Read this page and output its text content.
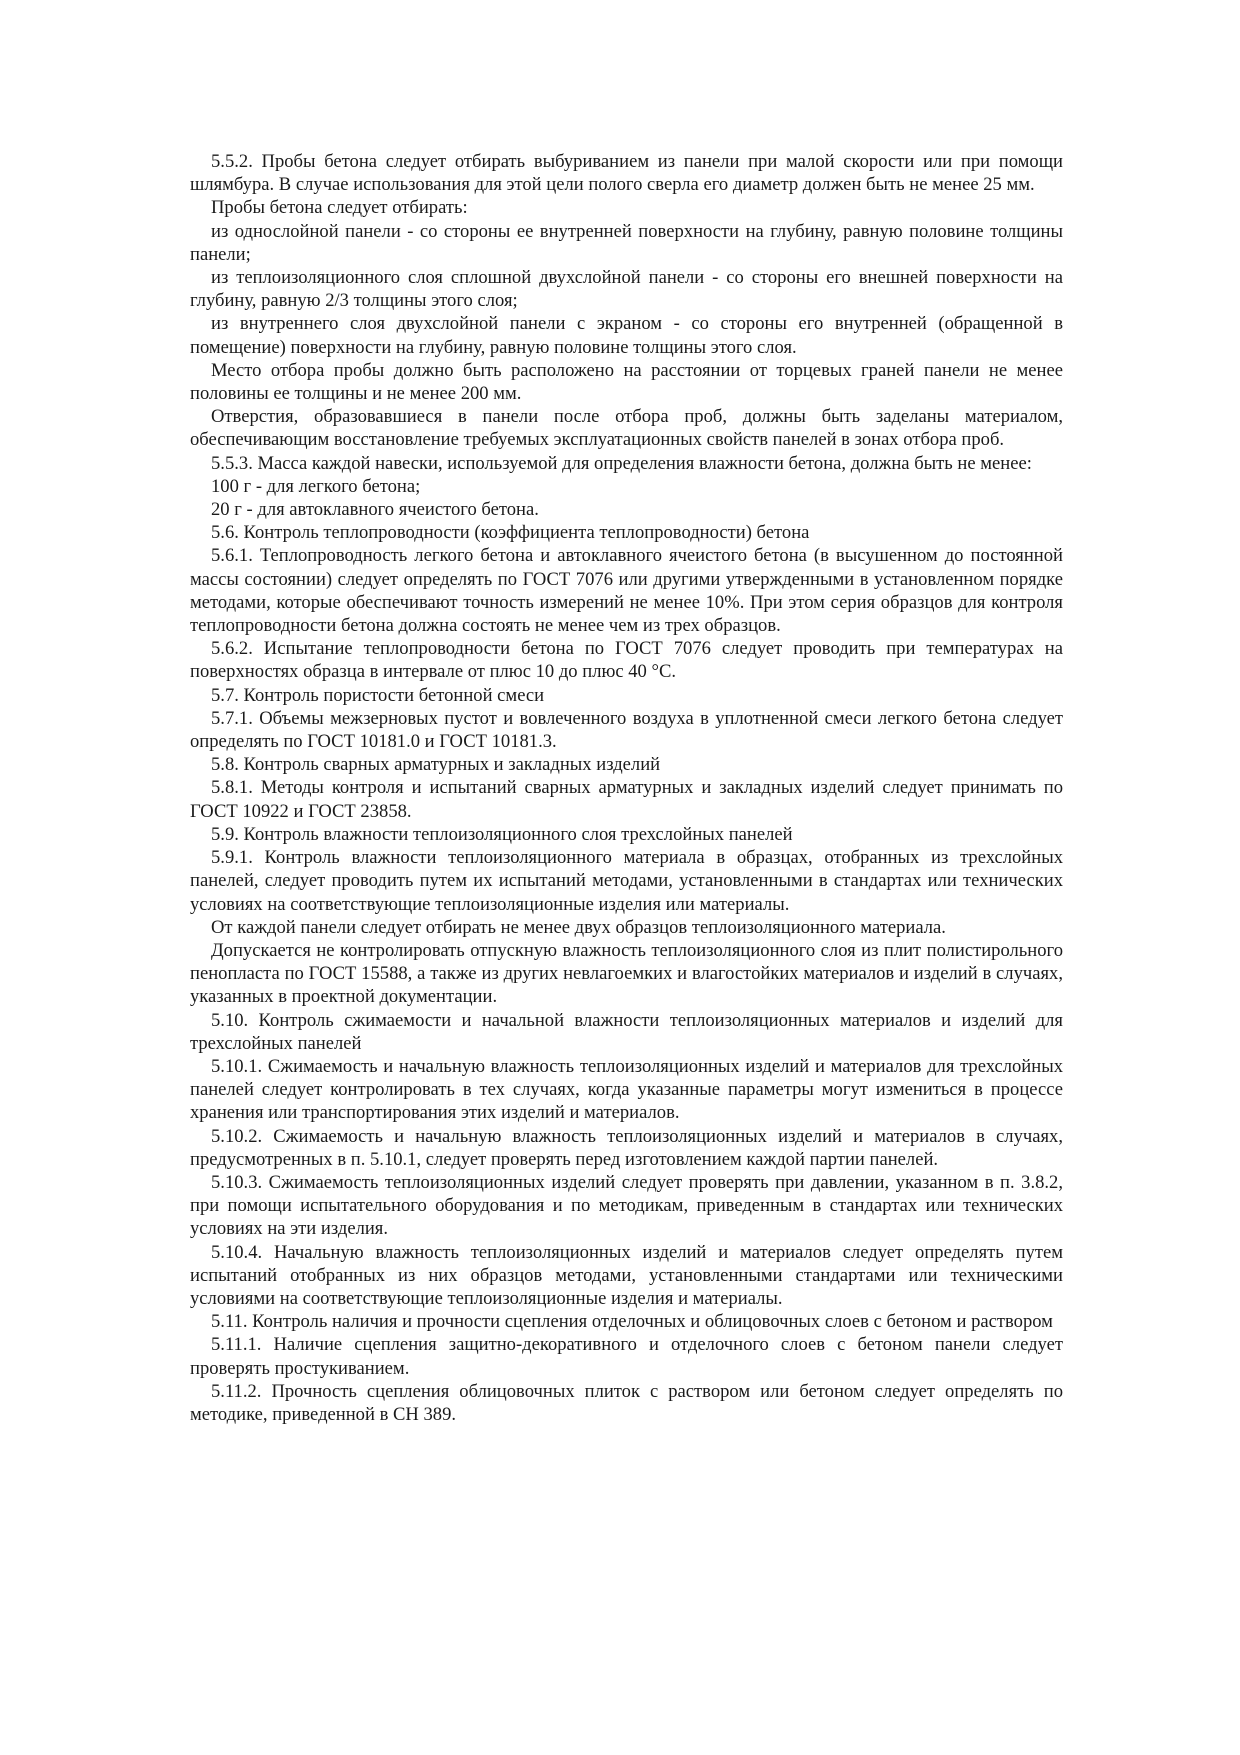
5.5.2. Пробы бетона следует отбирать выбуриванием из панели при малой скорости или при помощи шлямбура. В случае использования для этой цели полого сверла его диаметр должен быть не менее 25 мм.

Пробы бетона следует отбирать:

из однослойной панели - со стороны ее внутренней поверхности на глубину, равную половине толщины панели;

из теплоизоляционного слоя сплошной двухслойной панели - со стороны его внешней поверхности на глубину, равную 2/3 толщины этого слоя;

из внутреннего слоя двухслойной панели с экраном - со стороны его внутренней (обращенной в помещение) поверхности на глубину, равную половине толщины этого слоя.

Место отбора пробы должно быть расположено на расстоянии от торцевых граней панели не менее половины ее толщины и не менее 200 мм.

Отверстия, образовавшиеся в панели после отбора проб, должны быть заделаны материалом, обеспечивающим восстановление требуемых эксплуатационных свойств панелей в зонах отбора проб.

5.5.3. Масса каждой навески, используемой для определения влажности бетона, должна быть не менее:

100 г - для легкого бетона;

20 г - для автоклавного ячеистого бетона.

5.6. Контроль теплопроводности (коэффициента теплопроводности) бетона

5.6.1. Теплопроводность легкого бетона и автоклавного ячеистого бетона (в высушенном до постоянной массы состоянии) следует определять по ГОСТ 7076 или другими утвержденными в установленном порядке методами, которые обеспечивают точность измерений не менее 10%. При этом серия образцов для контроля теплопроводности бетона должна состоять не менее чем из трех образцов.

5.6.2. Испытание теплопроводности бетона по ГОСТ 7076 следует проводить при температурах на поверхностях образца в интервале от плюс 10 до плюс 40 °С.

5.7. Контроль пористости бетонной смеси

5.7.1. Объемы межзерновых пустот и вовлеченного воздуха в уплотненной смеси легкого бетона следует определять по ГОСТ 10181.0 и ГОСТ 10181.3.

5.8. Контроль сварных арматурных и закладных изделий

5.8.1. Методы контроля и испытаний сварных арматурных и закладных изделий следует принимать по ГОСТ 10922 и ГОСТ 23858.

5.9. Контроль влажности теплоизоляционного слоя трехслойных панелей

5.9.1. Контроль влажности теплоизоляционного материала в образцах, отобранных из трехслойных панелей, следует проводить путем их испытаний методами, установленными в стандартах или технических условиях на соответствующие теплоизоляционные изделия или материалы.

От каждой панели следует отбирать не менее двух образцов теплоизоляционного материала.

Допускается не контролировать отпускную влажность теплоизоляционного слоя из плит полистирольного пенопласта по ГОСТ 15588, а также из других невлагоемких и влагостойких материалов и изделий в случаях, указанных в проектной документации.

5.10. Контроль сжимаемости и начальной влажности теплоизоляционных материалов и изделий для трехслойных панелей

5.10.1. Сжимаемость и начальную влажность теплоизоляционных изделий и материалов для трехслойных панелей следует контролировать в тех случаях, когда указанные параметры могут измениться в процессе хранения или транспортирования этих изделий и материалов.

5.10.2. Сжимаемость и начальную влажность теплоизоляционных изделий и материалов в случаях, предусмотренных в п. 5.10.1, следует проверять перед изготовлением каждой партии панелей.

5.10.3. Сжимаемость теплоизоляционных изделий следует проверять при давлении, указанном в п. 3.8.2, при помощи испытательного оборудования и по методикам, приведенным в стандартах или технических условиях на эти изделия.

5.10.4. Начальную влажность теплоизоляционных изделий и материалов следует определять путем испытаний отобранных из них образцов методами, установленными стандартами или техническими условиями на соответствующие теплоизоляционные изделия и материалы.

5.11. Контроль наличия и прочности сцепления отделочных и облицовочных слоев с бетоном и раствором

5.11.1. Наличие сцепления защитно-декоративного и отделочного слоев с бетоном панели следует проверять простукиванием.

5.11.2. Прочность сцепления облицовочных плиток с раствором или бетоном следует определять по методике, приведенной в СН 389.
